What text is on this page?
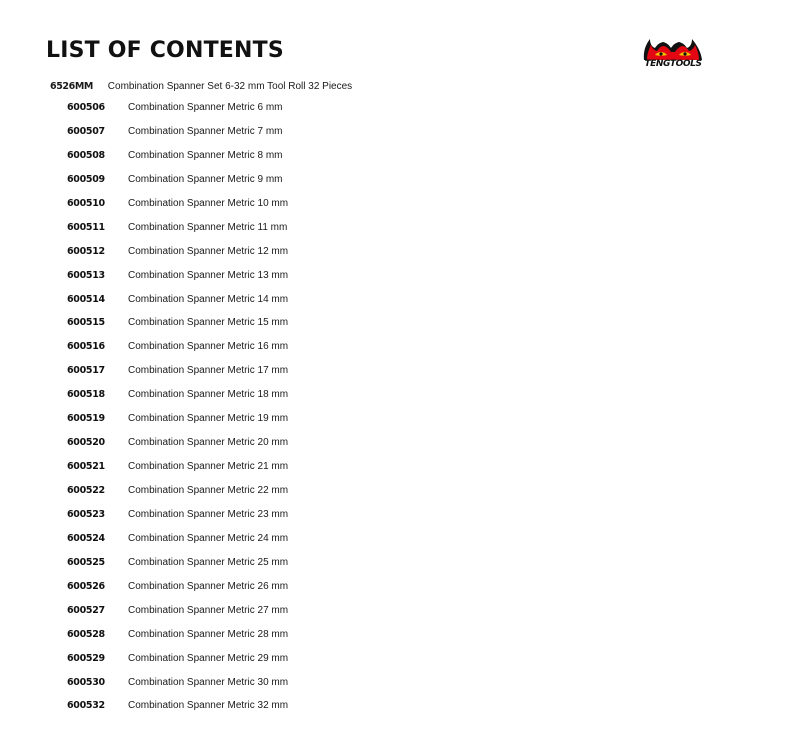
LIST OF CONTENTS
TENGTOOLS
6526MM Combination Spanner Set 6-32 mm Tool Roll 32 Pieces
600506 Combination Spanner Metric 6 mm
600507 Combination Spanner Metric 7 mm
600508 Combination Spanner Metric 8 mm
600509 Combination Spanner Metric 9 mm
600510 Combination Spanner Metric 10 mm
600511 Combination Spanner Metric 11 mm
600512 Combination Spanner Metric 12 mm
600513 Combination Spanner Metric 13 mm
600514 Combination Spanner Metric 14 mm
600515 Combination Spanner Metric 15 mm
600516 Combination Spanner Metric 16 mm
600517 Combination Spanner Metric 17 mm
600518 Combination Spanner Metric 18 mm
600519 Combination Spanner Metric 19 mm
600520 Combination Spanner Metric 20 mm
600521 Combination Spanner Metric 21 mm
600522 Combination Spanner Metric 22 mm
600523 Combination Spanner Metric 23 mm
600524 Combination Spanner Metric 24 mm
600525 Combination Spanner Metric 25 mm
600526 Combination Spanner Metric 26 mm
600527 Combination Spanner Metric 27 mm
600528 Combination Spanner Metric 28 mm
600529 Combination Spanner Metric 29 mm
600530 Combination Spanner Metric 30 mm
600532 Combination Spanner Metric 32 mm
